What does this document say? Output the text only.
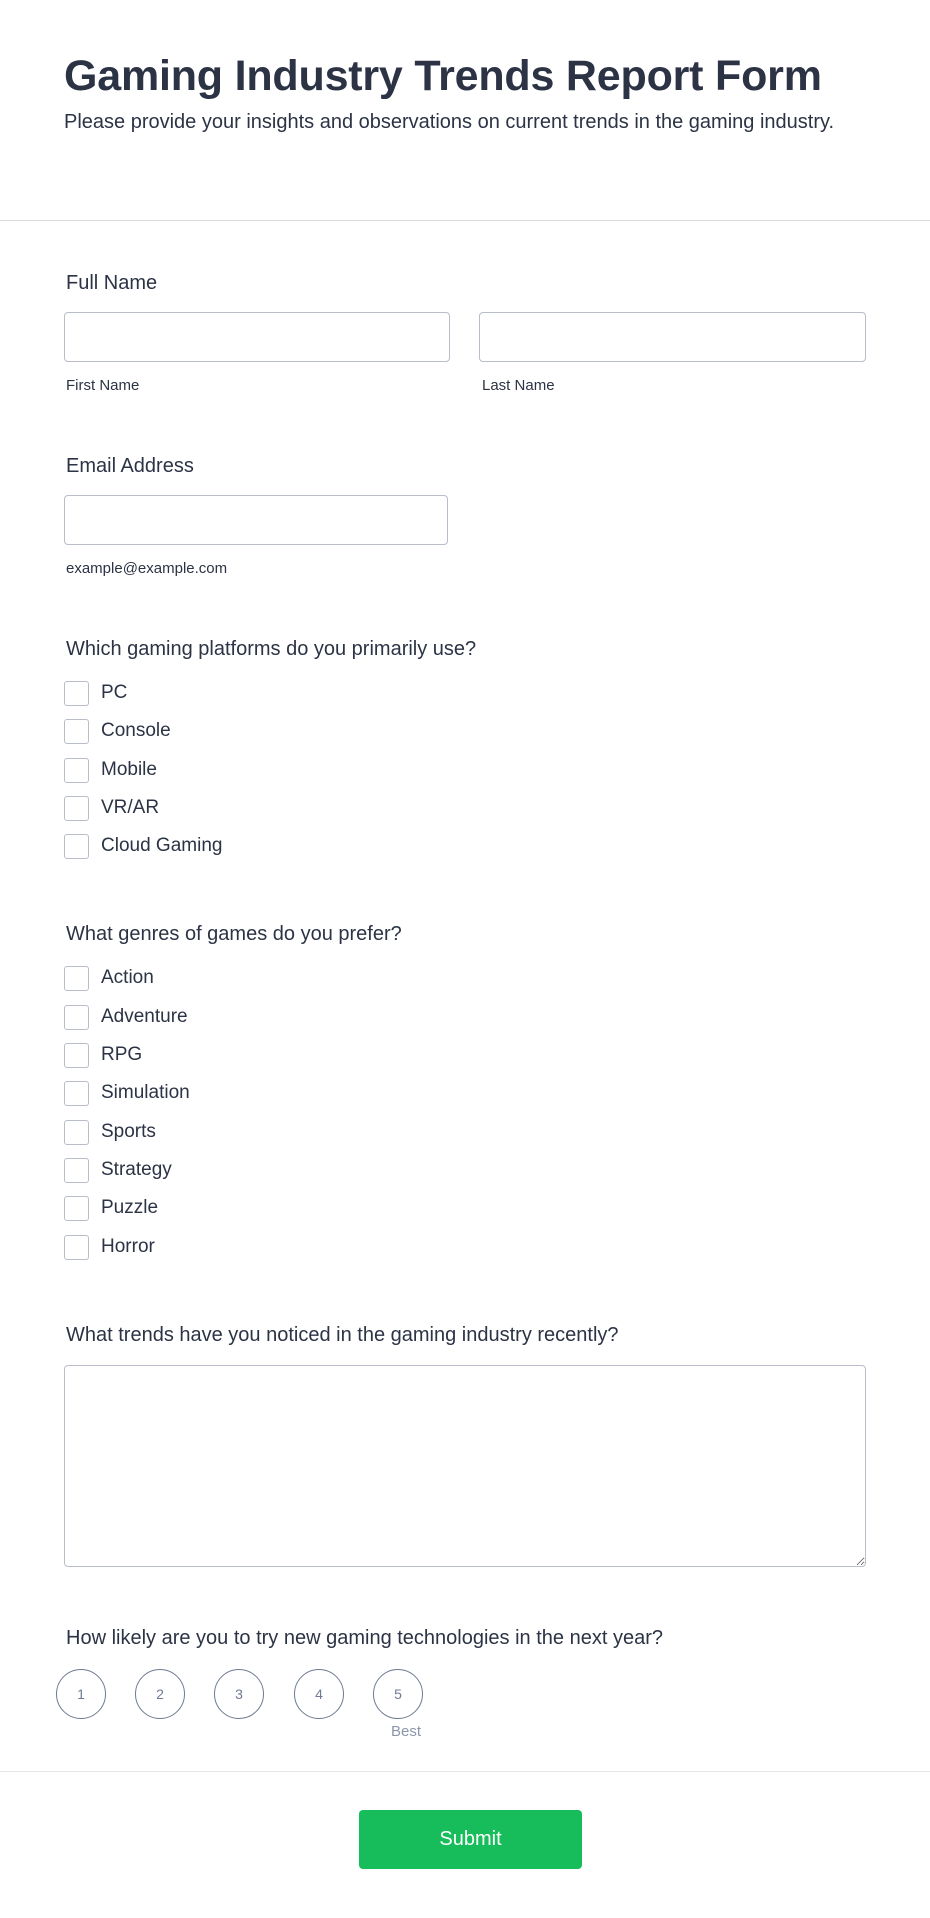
Gaming Industry Trends Report Form

Please provide your insights and observations on current trends in the gaming industry.

Full Name
First Name	Last Name
Email Address
example@example.com
Which gaming platforms do you primarily use?
PC
Console
Mobile
VR/AR
Cloud Gaming
What genres of games do you prefer?
Action
Adventure
RPG
Simulation
Sports
Strategy
Puzzle
Horror
What trends have you noticed in the gaming industry recently?
How likely are you to try new gaming technologies in the next year?
1	2	3	4	5
Best
Submit
